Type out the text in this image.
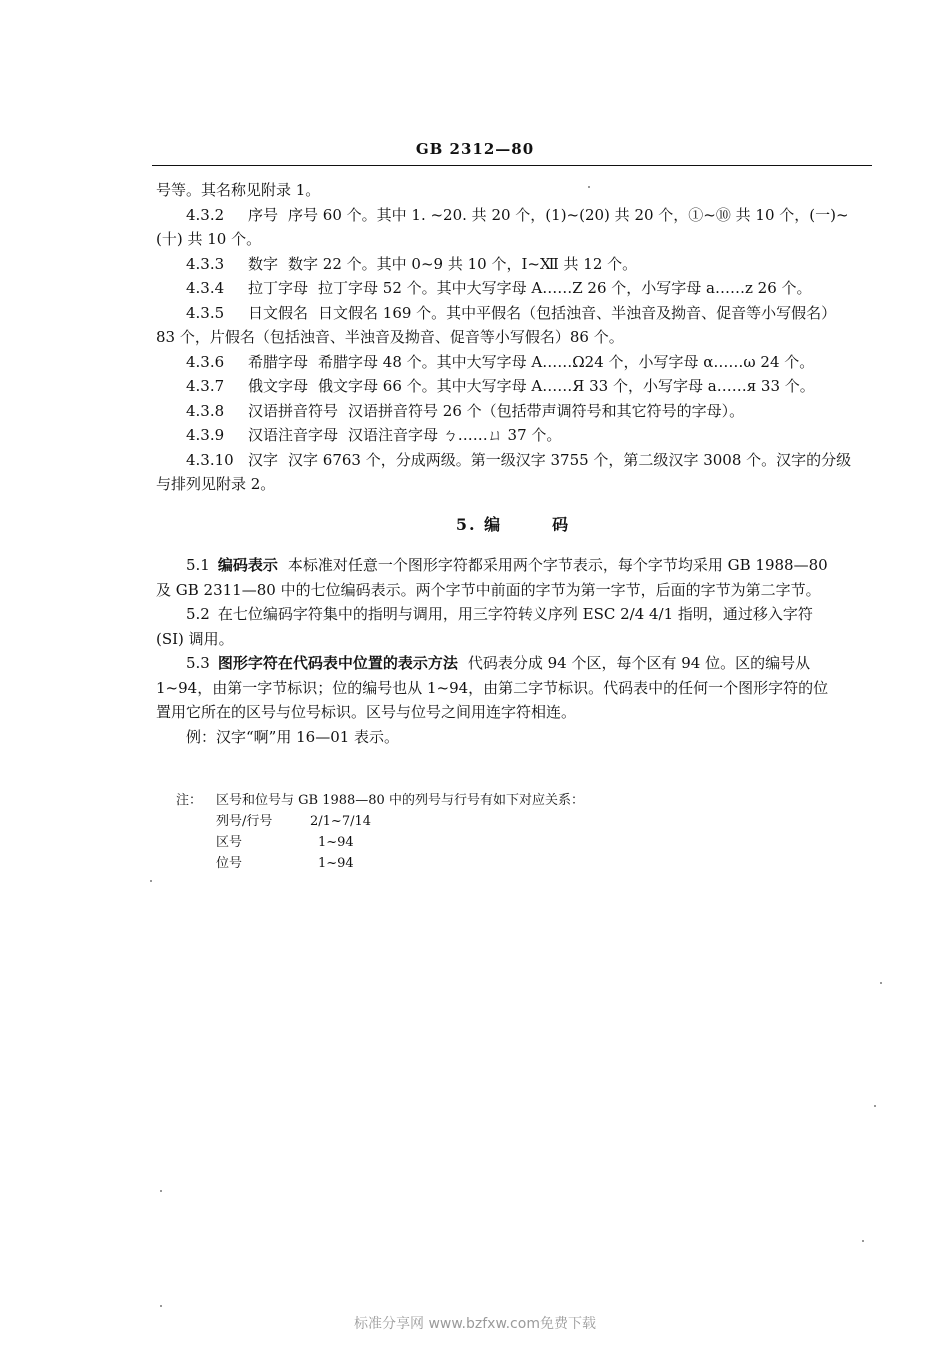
GB 2312—80

号等。其名称见附录 1。

4.3.2 序号 序号 60 个。其中 1. ~20. 共 20 个，(1)~(20) 共 20 个，①~⑩ 共 10 个，(一)~
(十) 共 10 个。
4.3.3 数字 数字 22 个。其中 0~9 共 10 个，Ⅰ~Ⅻ 共 12 个。
4.3.4 拉丁字母 拉丁字母 52 个。其中大写字母 A……Z 26 个，小写字母 a……z 26 个。
4.3.5 日文假名 日文假名 169 个。其中平假名（包括浊音、半浊音及拗音、促音等小写假名）
83 个，片假名（包括浊音、半浊音及拗音、促音等小写假名）86 个。
4.3.6 希腊字母 希腊字母 48 个。其中大写字母 A……Ω24 个，小写字母 α……ω 24 个。
4.3.7 俄文字母 俄文字母 66 个。其中大写字母 A……Я 33 个，小写字母 a……я 33 个。
4.3.8 汉语拼音符号 汉语拼音符号 26 个（包括带声调符号和其它符号的字母）。
4.3.9 汉语注音字母 汉语注音字母 ㄅ……ㄩ 37 个。
4.3.10 汉字 汉字 6763 个，分成两级。第一级汉字 3755 个，第二级汉字 3008 个。汉字的分级
与排列见附录 2。
5. 编	码
5.1 编码表示 本标准对任意一个图形字符都采用两个字节表示，每个字节均采用 GB 1988—80
及 GB 2311—80 中的七位编码表示。两个字节中前面的字节为第一字节，后面的字节为第二字节。
5.2 在七位编码字符集中的指明与调用，用三字符转义序列 ESC 2/4 4/1 指明，通过移入字符
(SI) 调用。
5.3 图形字符在代码表中位置的表示方法 代码表分成 94 个区，每个区有 94 位。区的编号从
1~94，由第一字节标识；位的编号也从 1~94，由第二字节标识。代码表中的任何一个图形字符的位
置用它所在的区号与位号标识。区号与位号之间用连字符相连。
例：汉字“啊”用 16—01 表示。
注： 区号和位号与 GB 1988—80 中的列号与行号有如下对应关系：
列号/行号	2/1~7/14
区号	1~94
位号	1~94
标准分享网 www.bzfxw.com免费下载
